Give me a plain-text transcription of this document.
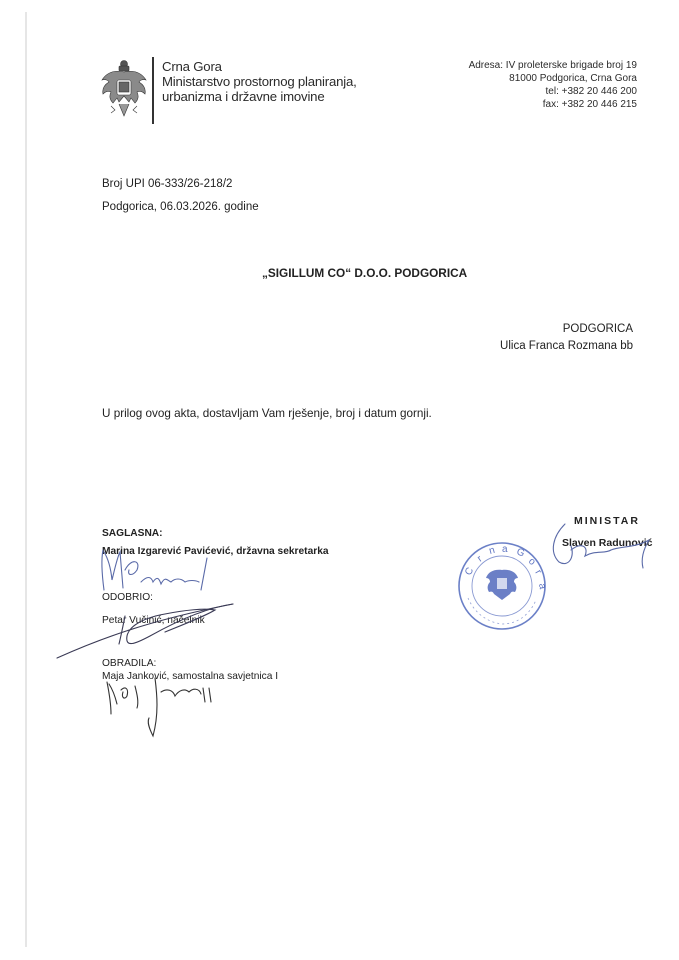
Crna Gora
Ministarstvo prostornog planiranja,
urbanizma i državne imovine
Adresa: IV proleterske brigade broj 19
81000 Podgorica, Crna Gora
tel: +382 20 446 200
fax: +382 20 446 215
Broj UPI 06-333/26-218/2
Podgorica, 06.03.2026. godine
„SIGILLUM CO“ D.O.O. PODGORICA
PODGORICA
Ulica Franca Rozmana bb
U prilog ovog akta, dostavljam Vam rješenje, broj i datum gornji.
SAGLASNA:
Marina Izgarević Pavićević, državna sekretarka
ODOBRIO:
Petar Vučinić, načelnik
OBRADILA:
Maja Janković, samostalna savjetnica I
MINISTAR
Slaven Radunović
C
r
n a G
o
r
a
